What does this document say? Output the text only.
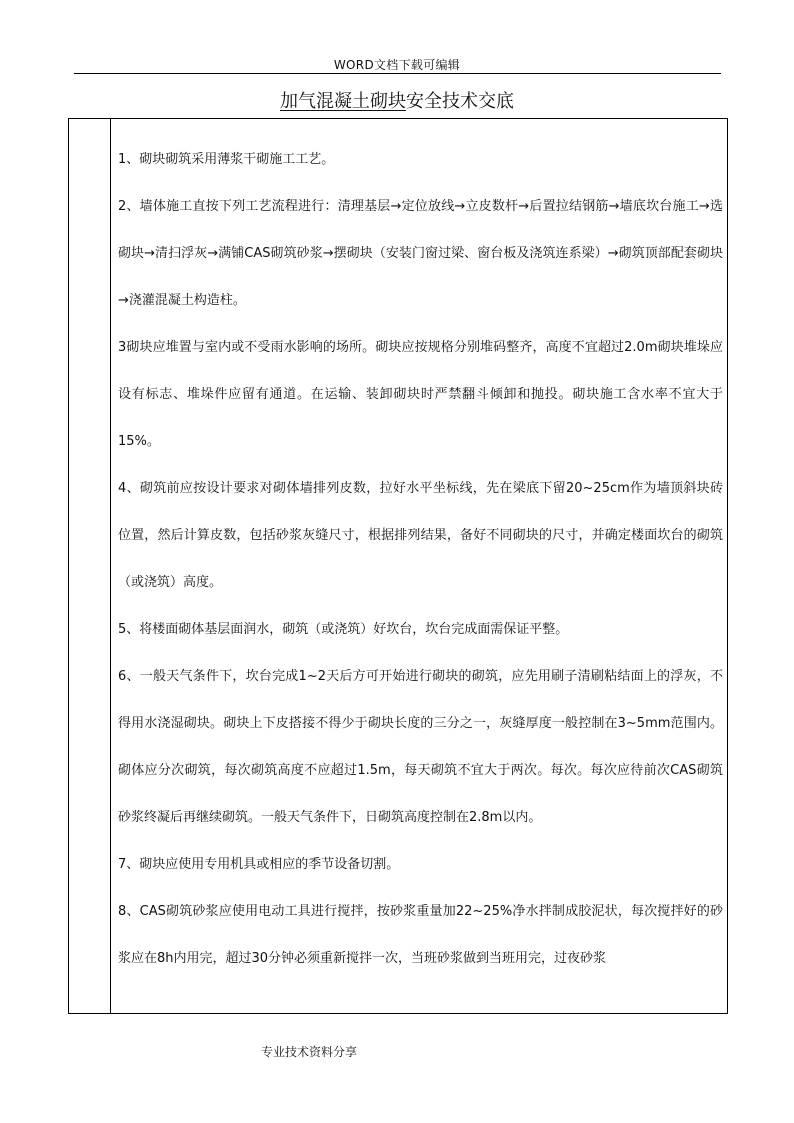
WORD文档下载可编辑
加气混凝土砌块安全技术交底

1、砌块砌筑采用薄浆干砌施工工艺。

2、墙体施工直按下列工艺流程进行：清理基层→定位放线→立皮数杆→后置拉结钢筋→墙底坎台施工→选砌块→清扫浮灰→满铺CAS砌筑砂浆→摆砌块（安装门窗过梁、窗台板及浇筑连系梁）→砌筑顶部配套砌块→浇灌混凝土构造柱。

3砌块应堆置与室内或不受雨水影响的场所。砌块应按规格分别堆码整齐，高度不宜超过2.0m砌块堆垛应设有标志、堆垛件应留有通道。在运输、装卸砌块时严禁翻斗倾卸和抛投。砌块施工含水率不宜大于15%。

4、砌筑前应按设计要求对砌体墙排列皮数，拉好水平坐标线，先在梁底下留20~25cm作为墙顶斜块砖位置，然后计算皮数，包括砂浆灰缝尺寸，根据排列结果，备好不同砌块的尺寸，并确定楼面坎台的砌筑（或浇筑）高度。

5、将楼面砌体基层面润水，砌筑（或浇筑）好坎台，坎台完成面需保证平整。

6、一般天气条件下，坎台完成1~2天后方可开始进行砌块的砌筑，应先用刷子清刷粘结面上的浮灰，不得用水浇湿砌块。砌块上下皮搭接不得少于砌块长度的三分之一，灰缝厚度一般控制在3~5mm范围内。砌体应分次砌筑，每次砌筑高度不应超过1.5m，每天砌筑不宜大于两次。每次。每次应待前次CAS砌筑砂浆终凝后再继续砌筑。一般天气条件下，日砌筑高度控制在2.8m以内。

7、砌块应使用专用机具或相应的季节设备切割。

8、CAS砌筑砂浆应使用电动工具进行搅拌，按砂浆重量加22~25%净水拌制成胶泥状，每次搅拌好的砂浆应在8h内用完，超过30分钟必须重新搅拌一次，当班砂浆做到当班用完，过夜砂浆

专业技术资料分享
